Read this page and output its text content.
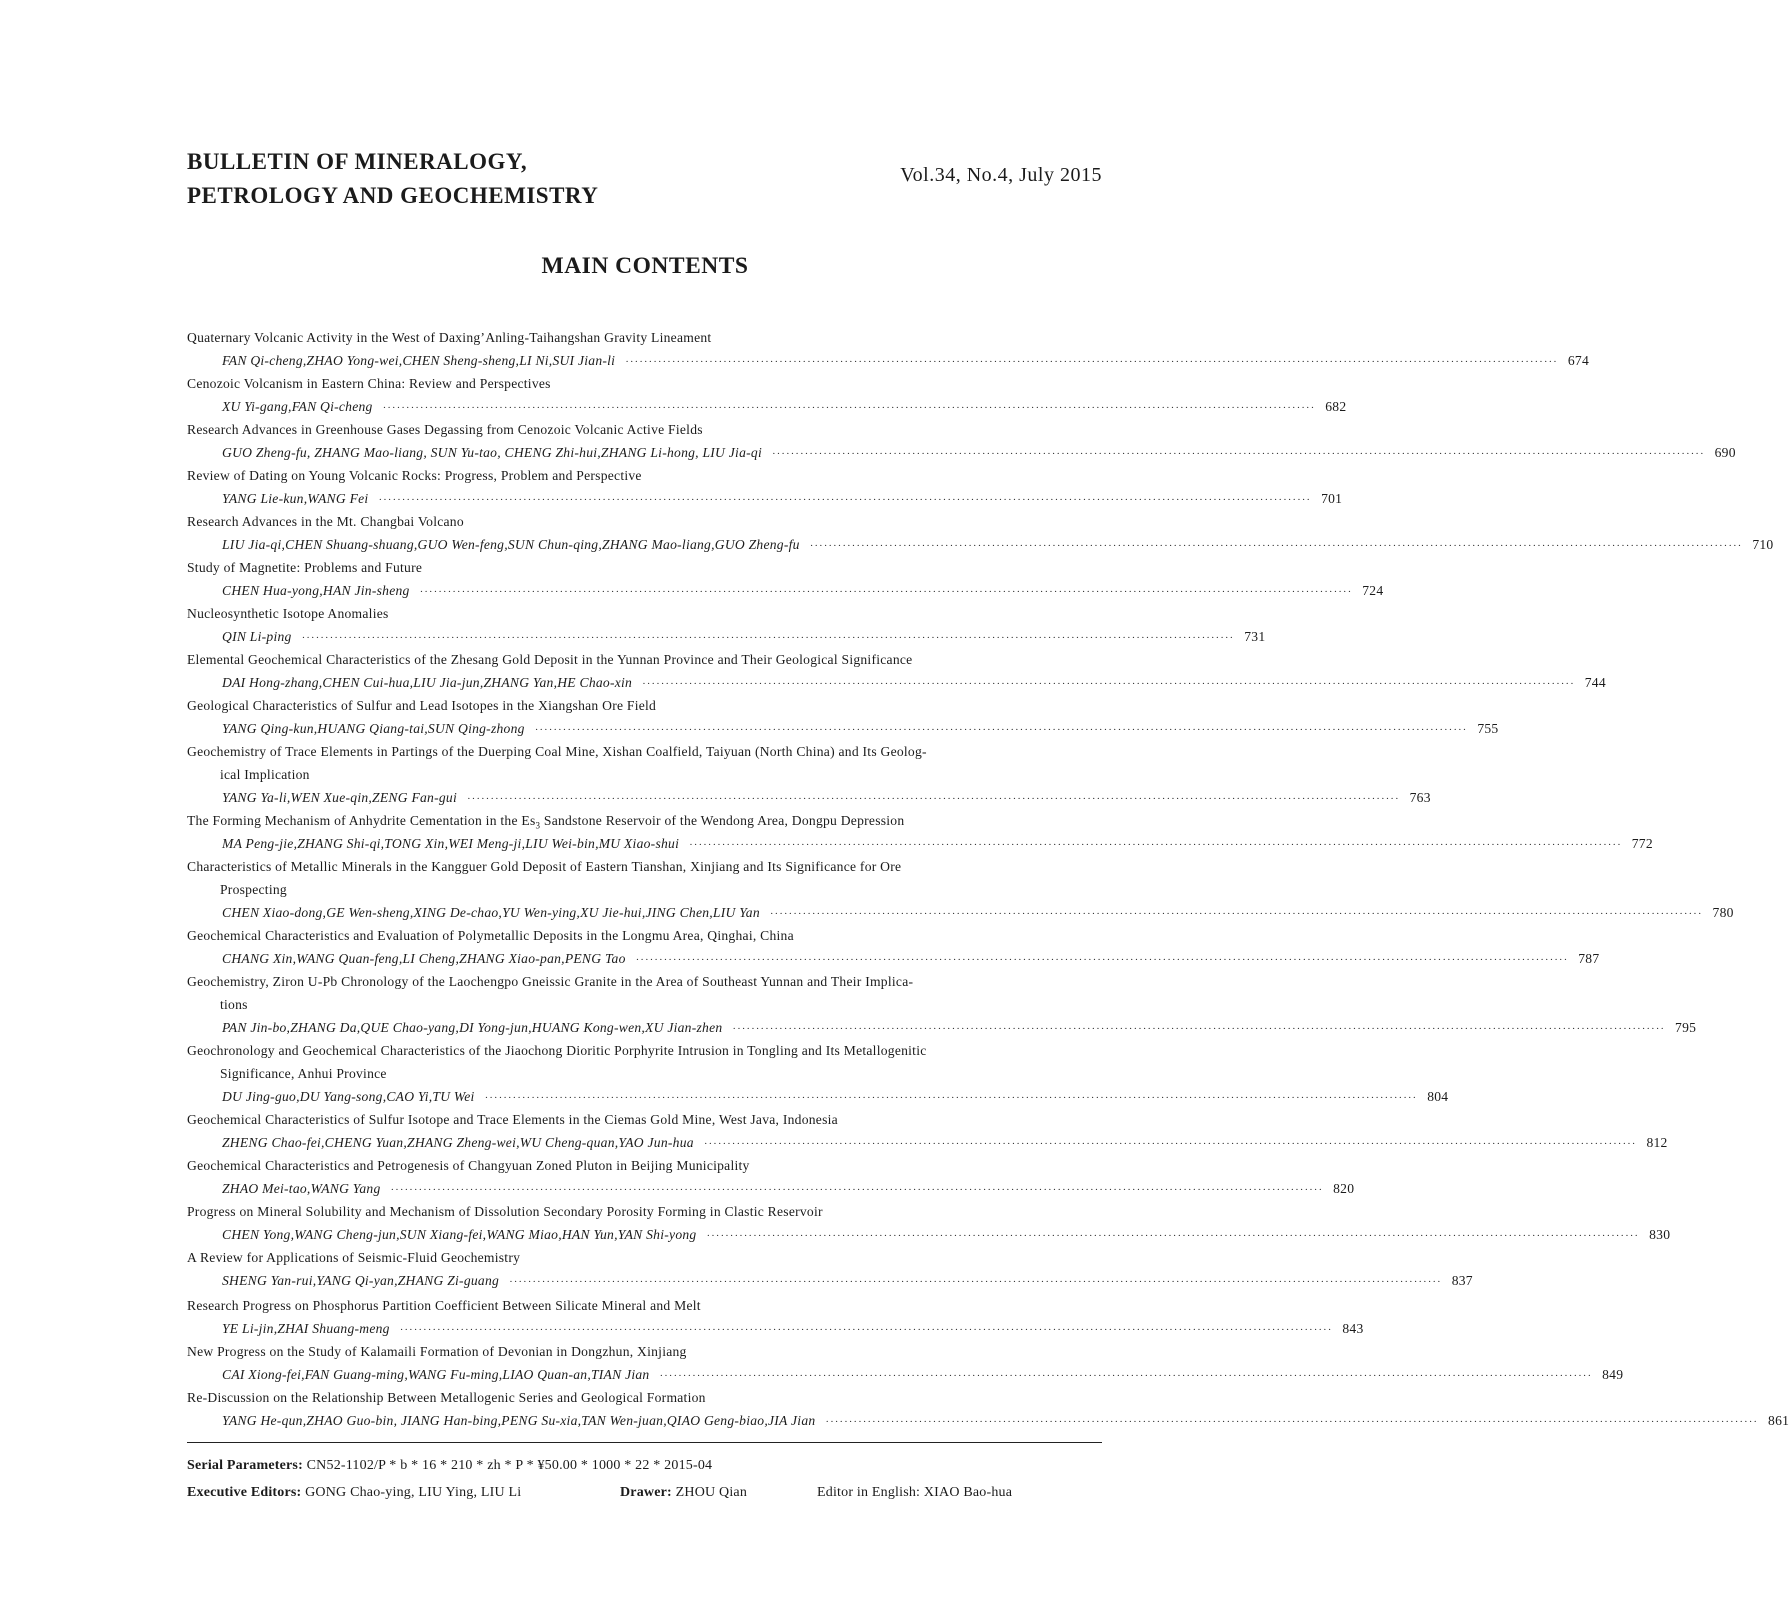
BULLETIN OF MINERALOGY,
PETROLOGY AND GEOCHEMISTRY
Vol.34, No.4, July 2015
MAIN CONTENTS
Quaternary Volcanic Activity in the West of Daxing’Anling-Taihangshan Gravity Lineament
FAN Qi-cheng,ZHAO Yong-wei,CHEN Sheng-sheng,LI Ni,SUI Jian-li ········································································································································································································ 674
Cenozoic Volcanism in Eastern China: Review and Perspectives
XU Yi-gang,FAN Qi-cheng ········································································································································································································ 682
Research Advances in Greenhouse Gases Degassing from Cenozoic Volcanic Active Fields
GUO Zheng-fu, ZHANG Mao-liang, SUN Yu-tao, CHENG Zhi-hui,ZHANG Li-hong, LIU Jia-qi ········································································································································································································ 690
Review of Dating on Young Volcanic Rocks: Progress, Problem and Perspective
YANG Lie-kun,WANG Fei ········································································································································································································ 701
Research Advances in the Mt. Changbai Volcano
LIU Jia-qi,CHEN Shuang-shuang,GUO Wen-feng,SUN Chun-qing,ZHANG Mao-liang,GUO Zheng-fu ········································································································································································································ 710
Study of Magnetite: Problems and Future
CHEN Hua-yong,HAN Jin-sheng ········································································································································································································ 724
Nucleosynthetic Isotope Anomalies
QIN Li-ping ········································································································································································································ 731
Elemental Geochemical Characteristics of the Zhesang Gold Deposit in the Yunnan Province and Their Geological Significance
DAI Hong-zhang,CHEN Cui-hua,LIU Jia-jun,ZHANG Yan,HE Chao-xin ········································································································································································································ 744
Geological Characteristics of Sulfur and Lead Isotopes in the Xiangshan Ore Field
YANG Qing-kun,HUANG Qiang-tai,SUN Qing-zhong ········································································································································································································ 755
Geochemistry of Trace Elements in Partings of the Duerping Coal Mine, Xishan Coalfield, Taiyuan (North China) and Its Geolog-
ical Implication
YANG Ya-li,WEN Xue-qin,ZENG Fan-gui ········································································································································································································ 763
The Forming Mechanism of Anhydrite Cementation in the $Es_3$ Sandstone Reservoir of the Wendong Area, Dongpu Depression
MA Peng-jie,ZHANG Shi-qi,TONG Xin,WEI Meng-ji,LIU Wei-bin,MU Xiao-shui ········································································································································································································ 772
Characteristics of Metallic Minerals in the Kangguer Gold Deposit of Eastern Tianshan, Xinjiang and Its Significance for Ore
Prospecting
CHEN Xiao-dong,GE Wen-sheng,XING De-chao,YU Wen-ying,XU Jie-hui,JING Chen,LIU Yan ········································································································································································································ 780
Geochemical Characteristics and Evaluation of Polymetallic Deposits in the Longmu Area, Qinghai, China
CHANG Xin,WANG Quan-feng,LI Cheng,ZHANG Xiao-pan,PENG Tao ········································································································································································································ 787
Geochemistry, Ziron U-Pb Chronology of the Laochengpo Gneissic Granite in the Area of Southeast Yunnan and Their Implica-
tions
PAN Jin-bo,ZHANG Da,QUE Chao-yang,DI Yong-jun,HUANG Kong-wen,XU Jian-zhen ········································································································································································································ 795
Geochronology and Geochemical Characteristics of the Jiaochong Dioritic Porphyrite Intrusion in Tongling and Its Metallogenitic
Significance, Anhui Province
DU Jing-guo,DU Yang-song,CAO Yi,TU Wei ········································································································································································································ 804
Geochemical Characteristics of Sulfur Isotope and Trace Elements in the Ciemas Gold Mine, West Java, Indonesia
ZHENG Chao-fei,CHENG Yuan,ZHANG Zheng-wei,WU Cheng-quan,YAO Jun-hua ········································································································································································································ 812
Geochemical Characteristics and Petrogenesis of Changyuan Zoned Pluton in Beijing Municipality
ZHAO Mei-tao,WANG Yang ········································································································································································································ 820
Progress on Mineral Solubility and Mechanism of Dissolution Secondary Porosity Forming in Clastic Reservoir
CHEN Yong,WANG Cheng-jun,SUN Xiang-fei,WANG Miao,HAN Yun,YAN Shi-yong ········································································································································································································ 830
A Review for Applications of Seismic-Fluid Geochemistry
SHENG Yan-rui,YANG Qi-yan,ZHANG Zi-guang ········································································································································································································ 837
Research Progress on Phosphorus Partition Coefficient Between Silicate Mineral and Melt
YE Li-jin,ZHAI Shuang-meng ········································································································································································································ 843
New Progress on the Study of Kalamaili Formation of Devonian in Dongzhun, Xinjiang
CAI Xiong-fei,FAN Guang-ming,WANG Fu-ming,LIAO Quan-an,TIAN Jian ········································································································································································································ 849
Re-Discussion on the Relationship Between Metallogenic Series and Geological Formation
YANG He-qun,ZHAO Guo-bin, JIANG Han-bing,PENG Su-xia,TAN Wen-juan,QIAO Geng-biao,JIA Jian ········································································································································································································ 861
Serial Parameters: CN52-1102/P * b * 16 * 210 * zh * P * ¥50.00 * 1000 * 22 * 2015-04
Executive Editors: GONG Chao-ying, LIU Ying, LIU Li	Drawer: ZHOU Qian	Editor in English: XIAO Bao-hua
